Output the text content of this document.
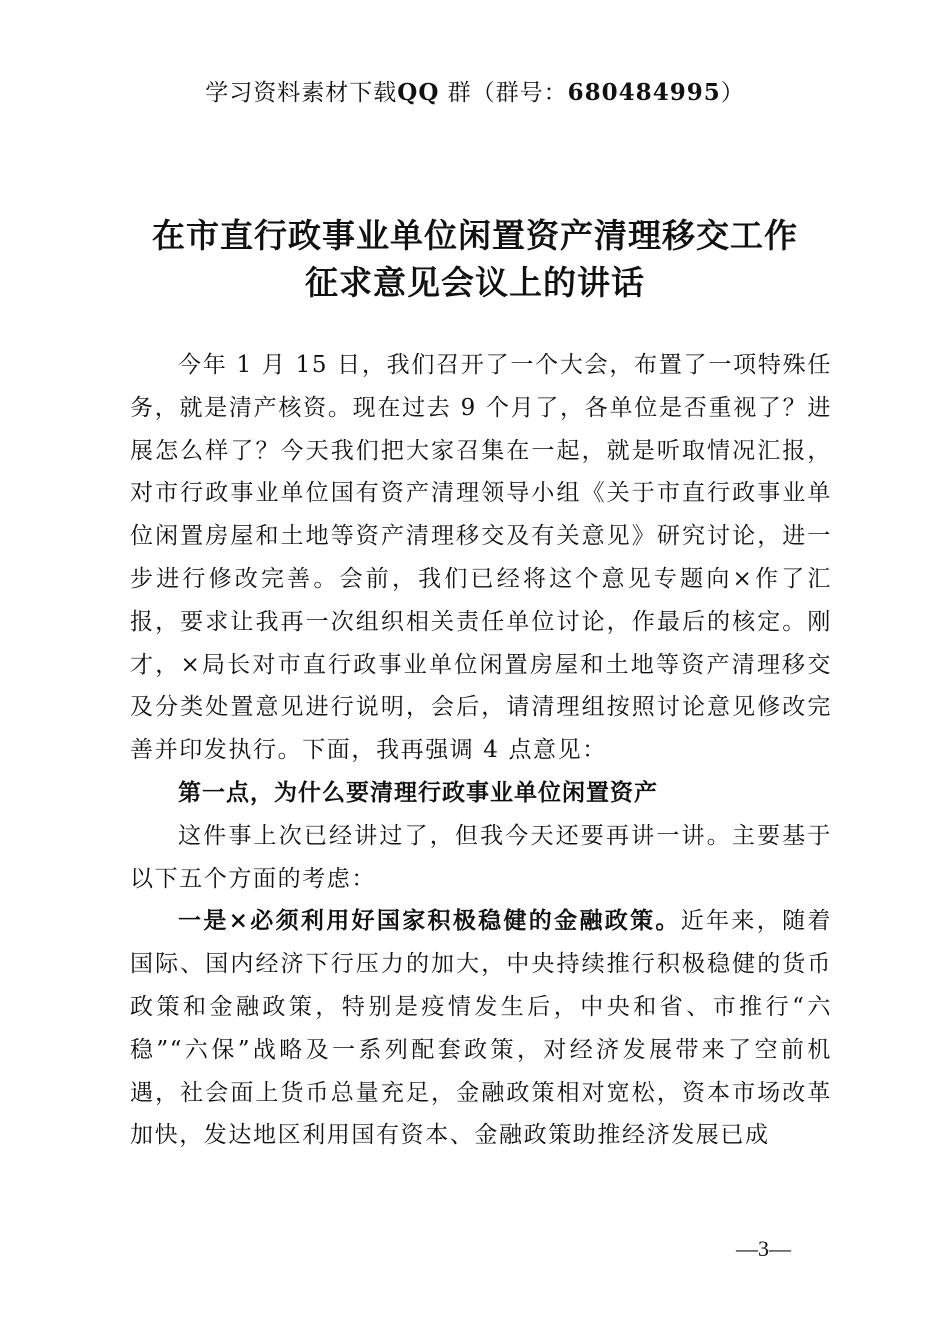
学习资料素材下载QQ 群（群号：680484995）
在市直行政事业单位闲置资产清理移交工作
征求意见会议上的讲话

今年 1 月 15 日，我们召开了一个大会，布置了一项特殊任务，就是清产核资。现在过去 9 个月了，各单位是否重视了？进展怎么样了？今天我们把大家召集在一起，就是听取情况汇报，对市行政事业单位国有资产清理领导小组《关于市直行政事业单位闲置房屋和土地等资产清理移交及有关意见》研究讨论，进一步进行修改完善。会前，我们已经将这个意见专题向×作了汇报，要求让我再一次组织相关责任单位讨论，作最后的核定。刚才，×局长对市直行政事业单位闲置房屋和土地等资产清理移交及分类处置意见进行说明，会后，请清理组按照讨论意见修改完善并印发执行。下面，我再强调 4 点意见：

第一点，为什么要清理行政事业单位闲置资产

这件事上次已经讲过了，但我今天还要再讲一讲。主要基于以下五个方面的考虑：

一是×必须利用好国家积极稳健的金融政策。近年来，随着国际、国内经济下行压力的加大，中央持续推行积极稳健的货币政策和金融政策，特别是疫情发生后，中央和省、市推行“六稳”“六保”战略及一系列配套政策，对经济发展带来了空前机遇，社会面上货币总量充足，金融政策相对宽松，资本市场改革加快，发达地区利用国有资本、金融政策助推经济发展已成

—3—
